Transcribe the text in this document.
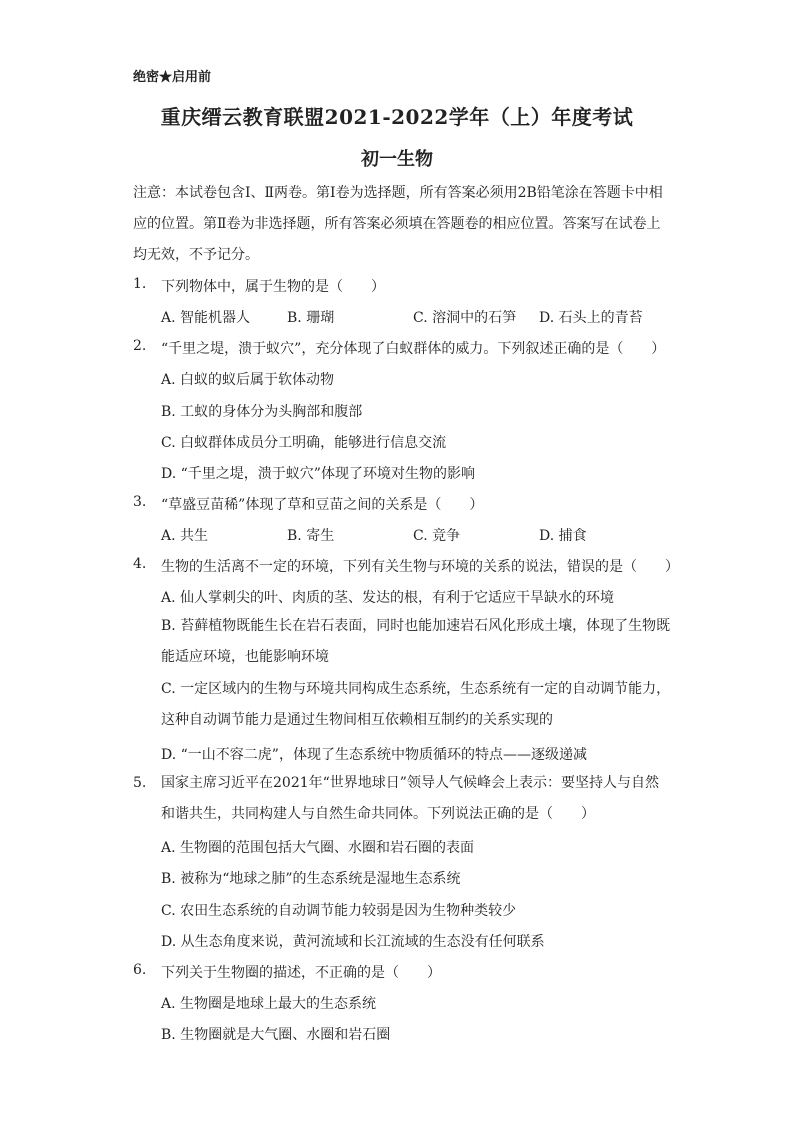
绝密★启用前
重庆缙云教育联盟2021-2022学年（上）年度考试
初一生物
注意：本试卷包含Ⅰ、Ⅱ两卷。第Ⅰ卷为选择题，所有答案必须用2B铅笔涂在答题卡中相应的位置。第Ⅱ卷为非选择题，所有答案必须填在答题卷的相应位置。答案写在试卷上均无效，不予记分。
1.	下列物体中，属于生物的是（　　）
A. 智能机器人	B. 珊瑚	C. 溶洞中的石笋 D. 石头上的青苔
2.	“千里之堤，溃于蚁穴”，充分体现了白蚁群体的威力。下列叙述正确的是（　　）
A. 白蚁的蚁后属于软体动物
B. 工蚁的身体分为头胸部和腹部
C. 白蚁群体成员分工明确，能够进行信息交流
D. “千里之堤，溃于蚁穴”体现了环境对生物的影响
3.	“草盛豆苗稀”体现了草和豆苗之间的关系是（　　）
A. 共生	B. 寄生	C. 竞争	D. 捕食
4.	生物的生活离不一定的环境，下列有关生物与环境的关系的说法，错误的是（　　）
A. 仙人掌刺尖的叶、肉质的茎、发达的根，有利于它适应干旱缺水的环境
B. 苔藓植物既能生长在岩石表面，同时也能加速岩石风化形成土壤，体现了生物既能适应环境，也能影响环境
C. 一定区域内的生物与环境共同构成生态系统，生态系统有一定的自动调节能力，这种自动调节能力是通过生物间相互依赖相互制约的关系实现的
D. “一山不容二虎”，体现了生态系统中物质循环的特点——逐级递减
5.	国家主席习近平在2021年“世界地球日”领导人气候峰会上表示：要坚持人与自然和谐共生，共同构建人与自然生命共同体。下列说法正确的是（　　）
A. 生物圈的范围包括大气圈、水圈和岩石圈的表面
B. 被称为“地球之肺”的生态系统是湿地生态系统
C. 农田生态系统的自动调节能力较弱是因为生物种类较少
D. 从生态角度来说，黄河流域和长江流域的生态没有任何联系
6.	下列关于生物圈的描述，不正确的是（　　）
A. 生物圈是地球上最大的生态系统
B. 生物圈就是大气圈、水圈和岩石圈
